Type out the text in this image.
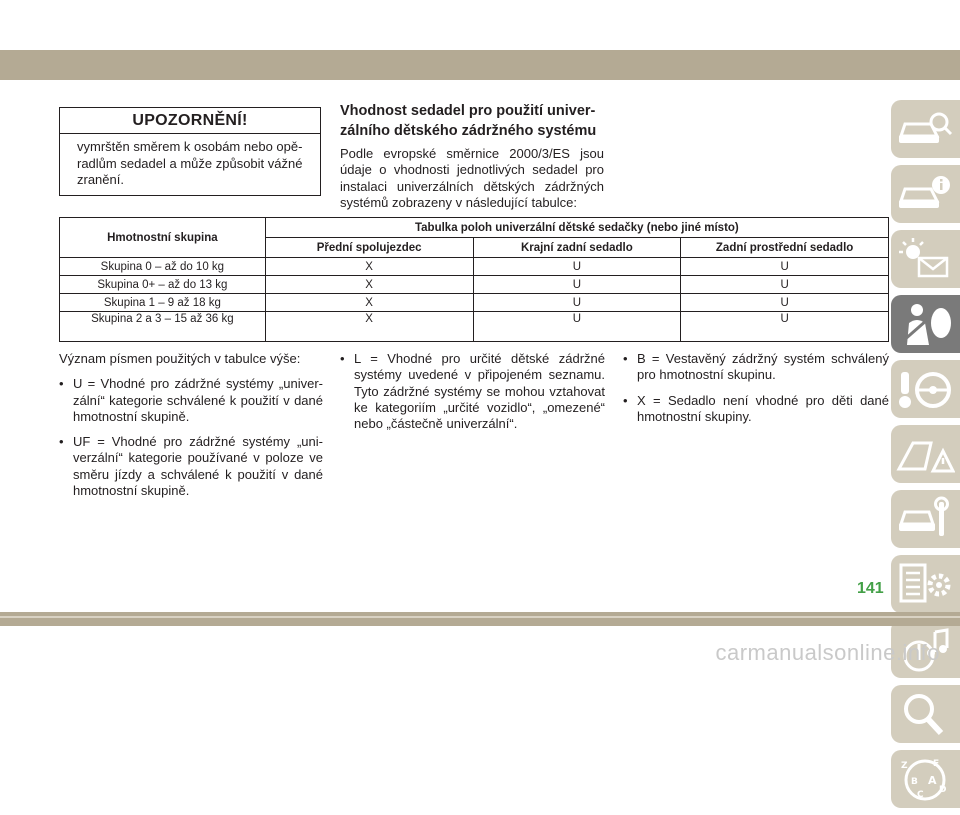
UPOZORNĚNÍ!
vymrštěn směrem k osobám nebo opěradlům sedadel a může způsobit vážné zranění.
Vhodnost sedadel pro použití univer-
zálního dětského zádržného systému
Podle evropské směrnice 2000/3/ES jsou údaje o vhodnosti jednotlivých sedadel pro instalaci univerzálních dětských zádržných systémů zobrazeny v následující tabulce:
Hmotnostní skupina	Tabulka poloh univerzální dětské sedačky (nebo jiné místo)		
	Přední spolujezdec	Krajní zadní sedadlo	Zadní prostřední sedadlo
Skupina 0 – až do 10 kg	X	U	U
Skupina 0+ – až do 13 kg	X	U	U
Skupina 1 – 9 až 18 kg	X	U	U
Skupina 2 a 3 – 15 až 36 kg	X	U	U

Význam písmen použitých v tabulce výše:

• U = Vhodné pro zádržné systémy „univerzální“ kategorie schválené k použití v dané hmotnostní skupině.
• UF = Vhodné pro zádržné systémy „univerzální“ kategorie používané v poloze ve směru jízdy a schválené k použití v dané hmotnostní skupině.
• L = Vhodné pro určité dětské zádržné systémy uvedené v připojeném seznamu. Tyto zádržné systémy se mohou vztahovat ke kategoriím „určité vozidlo“, „omezené“ nebo „částečně univerzální“.
• B = Vestavěný zádržný systém schválený pro hmotnostní skupinu.
• X = Sedadlo není vhodné pro děti dané hmotnostní skupiny.
Z	E
B A
C D
141
carmanualsonline.info
